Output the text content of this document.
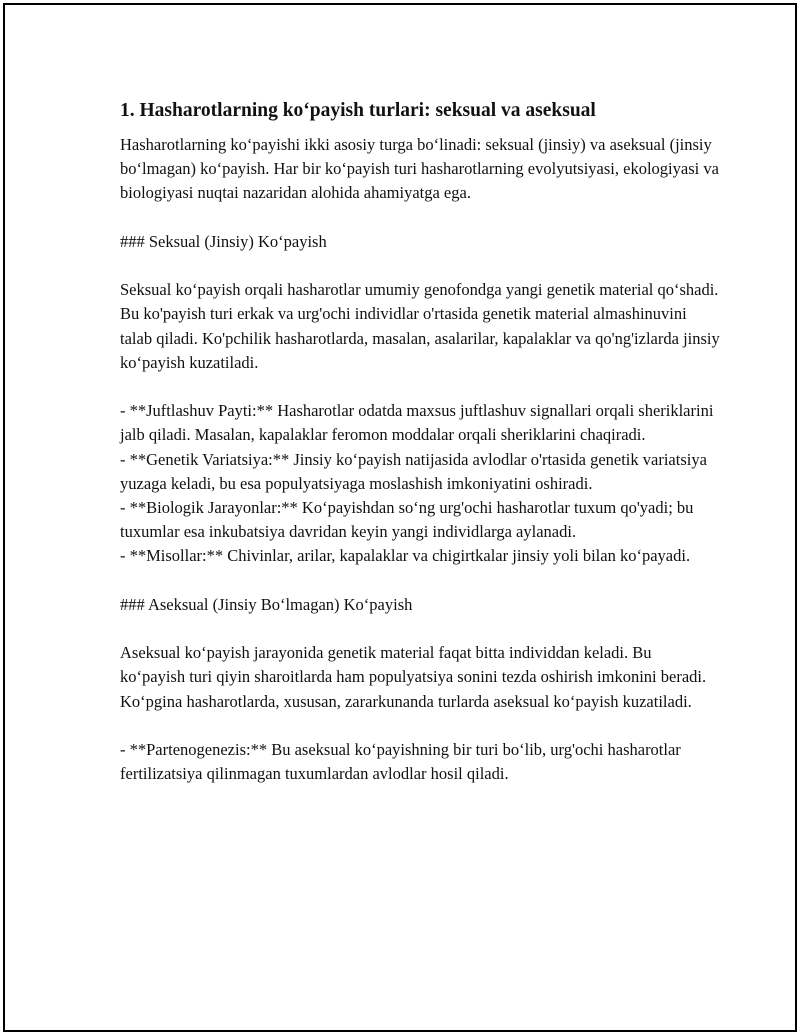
1. Hasharotlarning ko‘payish turlari: seksual va aseksual

Hasharotlarning ko‘payishi ikki asosiy turga bo‘linadi: seksual (jinsiy) va aseksual (jinsiy bo‘lmagan) ko‘payish. Har bir ko‘payish turi hasharotlarning evolyutsiyasi, ekologiyasi va biologiyasi nuqtai nazaridan alohida ahamiyatga ega.

### Seksual (Jinsiy) Ko‘payish

Seksual ko‘payish orqali hasharotlar umumiy genofondga yangi genetik material qo‘shadi. Bu ko'payish turi erkak va urg'ochi individlar o'rtasida genetik material almashinuvini talab qiladi. Ko'pchilik hasharotlarda, masalan, asalarilar, kapalaklar va qo'ng'izlarda jinsiy ko‘payish kuzatiladi.

- **Juftlashuv Payti:** Hasharotlar odatda maxsus juftlashuv signallari orqali sheriklarini jalb qiladi. Masalan, kapalaklar feromon moddalar orqali sheriklarini chaqiradi.

- **Genetik Variatsiya:** Jinsiy ko‘payish natijasida avlodlar o'rtasida genetik variatsiya yuzaga keladi, bu esa populyatsiyaga moslashish imkoniyatini oshiradi.

- **Biologik Jarayonlar:** Ko‘payishdan so‘ng urg'ochi hasharotlar tuxum qo'yadi; bu tuxumlar esa inkubatsiya davridan keyin yangi individlarga aylanadi.

- **Misollar:** Chivinlar, arilar, kapalaklar va chigirtkalar jinsiy yoli bilan ko‘payadi.

### Aseksual (Jinsiy Bo‘lmagan) Ko‘payish

Aseksual ko‘payish jarayonida genetik material faqat bitta individdan keladi. Bu ko‘payish turi qiyin sharoitlarda ham populyatsiya sonini tezda oshirish imkonini beradi. Ko‘pgina hasharotlarda, xususan, zararkunanda turlarda aseksual ko‘payish kuzatiladi.

- **Partenogenezis:** Bu aseksual ko‘payishning bir turi bo‘lib, urg'ochi hasharotlar fertilizatsiya qilinmagan tuxumlardan avlodlar hosil qiladi.
